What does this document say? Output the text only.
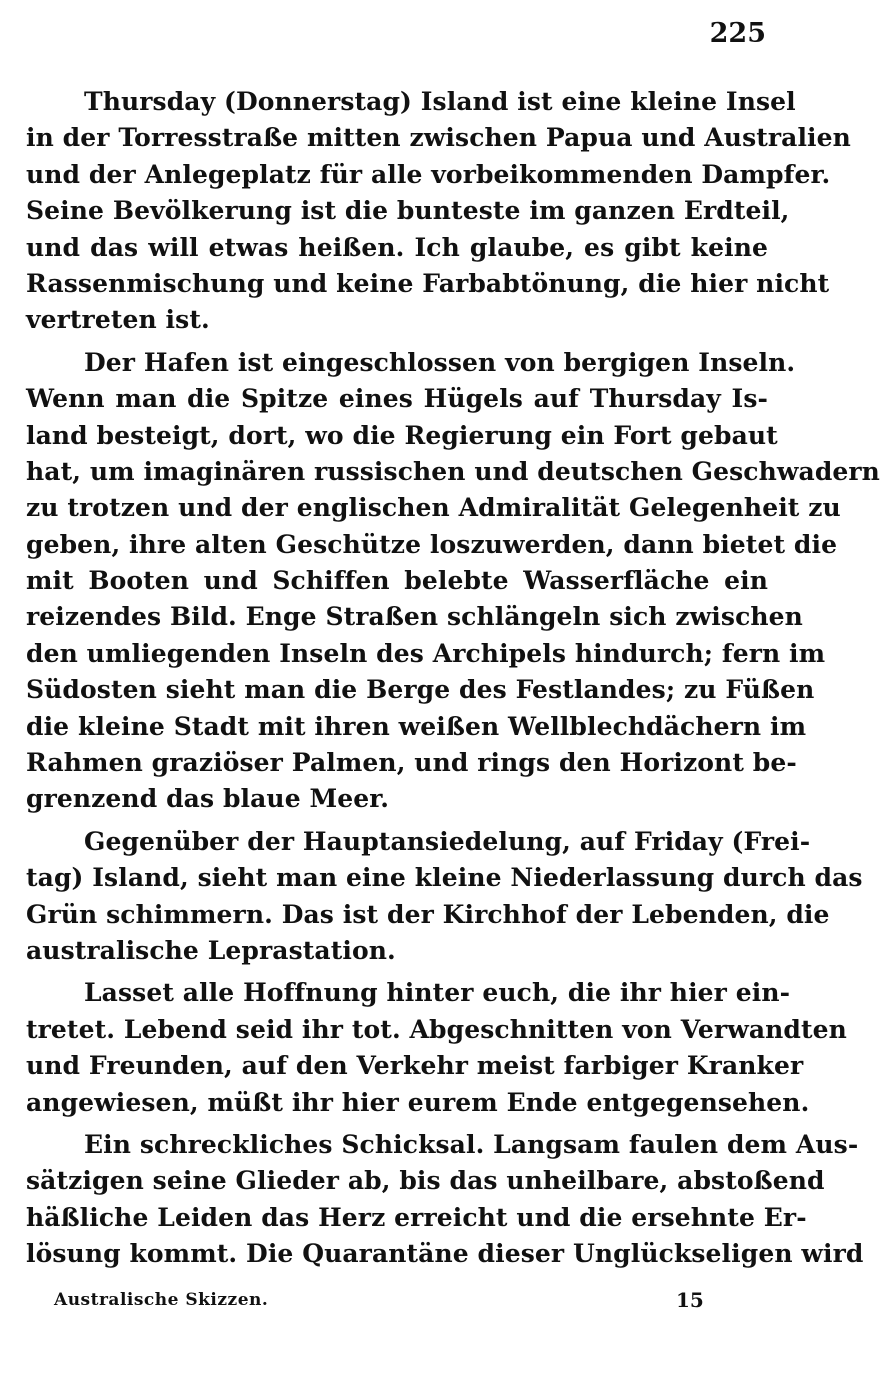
225
Thursday (Donnerstag) Island ist eine kleine Insel
in der Torresstraße mitten zwischen Papua und Australien
und der Anlegeplatz für alle vorbeikommenden Dampfer.
Seine Bevölkerung ist die bunteste im ganzen Erdteil,
und das will etwas heißen. Ich glaube, es gibt keine
Rassenmischung und keine Farbabtönung, die hier nicht
vertreten ist.
Der Hafen ist eingeschlossen von bergigen Inseln.
Wenn man die Spitze eines Hügels auf Thursday Is-
land besteigt, dort, wo die Regierung ein Fort gebaut
hat, um imaginären russischen und deutschen Geschwadern
zu trotzen und der englischen Admiralität Gelegenheit zu
geben, ihre alten Geschütze loszuwerden, dann bietet die
mit Booten und Schiffen belebte Wasserfläche ein
reizendes Bild. Enge Straßen schlängeln sich zwischen
den umliegenden Inseln des Archipels hindurch; fern im
Südosten sieht man die Berge des Festlandes; zu Füßen
die kleine Stadt mit ihren weißen Wellblechdächern im
Rahmen graziöser Palmen, und rings den Horizont be-
grenzend das blaue Meer.
Gegenüber der Hauptansiedelung, auf Friday (Frei-
tag) Island, sieht man eine kleine Niederlassung durch das
Grün schimmern. Das ist der Kirchhof der Lebenden, die
australische Leprastation.
Lasset alle Hoffnung hinter euch, die ihr hier ein-
tretet. Lebend seid ihr tot. Abgeschnitten von Verwandten
und Freunden, auf den Verkehr meist farbiger Kranker
angewiesen, müßt ihr hier eurem Ende entgegensehen.
Ein schreckliches Schicksal. Langsam faulen dem Aus-
sätzigen seine Glieder ab, bis das unheilbare, abstoßend
häßliche Leiden das Herz erreicht und die ersehnte Er-
lösung kommt. Die Quarantäne dieser Unglückseligen wird
Australische Skizzen.	15
